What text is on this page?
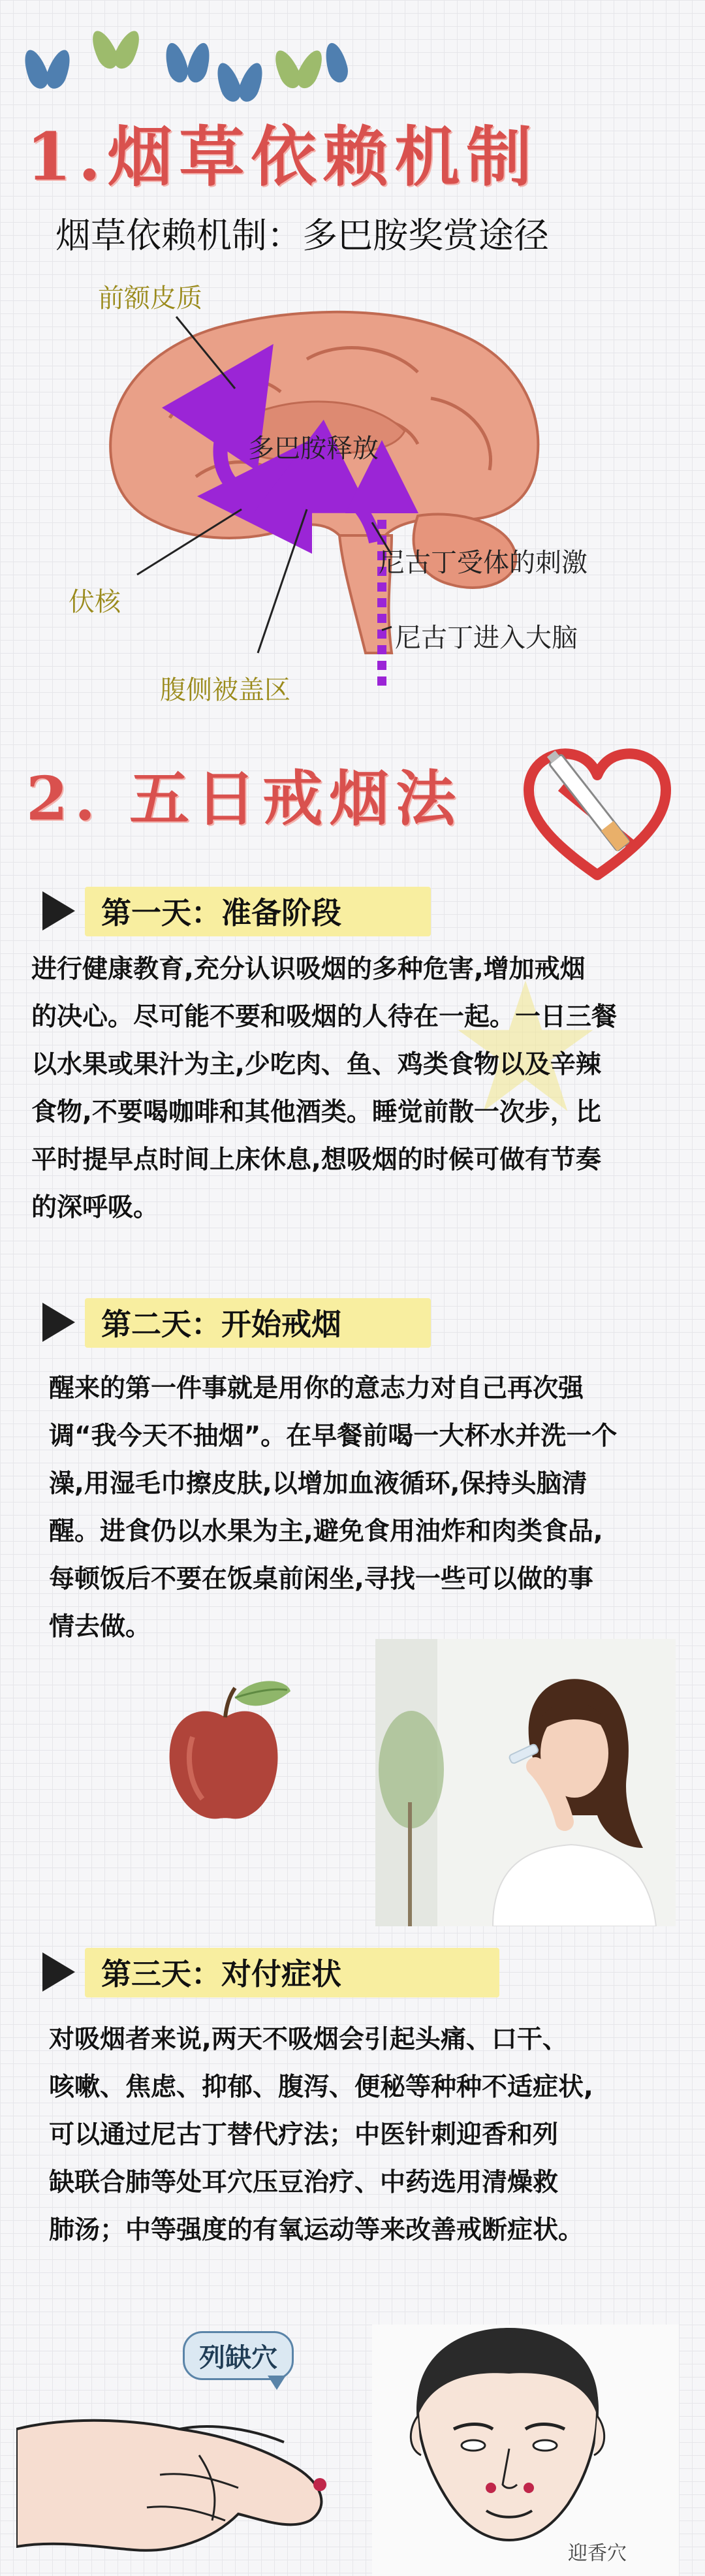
1.烟草依赖机制
烟草依赖机制：多巴胺奖赏途径
前额皮质
多巴胺释放
尼古丁受体的刺激
伏核
尼古丁进入大脑
腹侧被盖区
2. 五日戒烟法
第一天：准备阶段
进行健康教育,充分认识吸烟的多种危害,增加戒烟
的决心。尽可能不要和吸烟的人待在一起。一日三餐
以水果或果汁为主,少吃肉、鱼、鸡类食物以及辛辣
食物,不要喝咖啡和其他酒类。睡觉前散一次步，比
平时提早点时间上床休息,想吸烟的时候可做有节奏
的深呼吸。
第二天：开始戒烟
醒来的第一件事就是用你的意志力对自己再次强
调“我今天不抽烟”。在早餐前喝一大杯水并洗一个
澡,用湿毛巾擦皮肤,以增加血液循环,保持头脑清
醒。进食仍以水果为主,避免食用油炸和肉类食品,
每顿饭后不要在饭桌前闲坐,寻找一些可以做的事
情去做。
第三天：对付症状
对吸烟者来说,两天不吸烟会引起头痛、口干、
咳嗽、焦虑、抑郁、腹泻、便秘等种种不适症状,
可以通过尼古丁替代疗法；中医针刺迎香和列
缺联合肺等处耳穴压豆治疗、中药选用清燥救
肺汤；中等强度的有氧运动等来改善戒断症状。
列缺穴
迎香穴
